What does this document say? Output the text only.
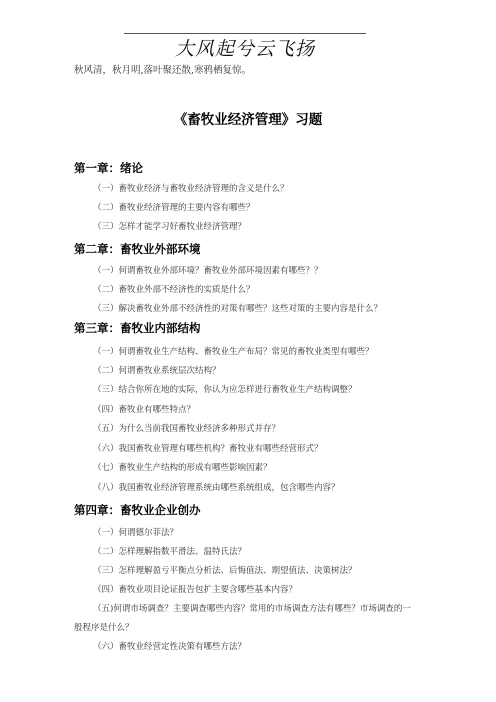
大风起兮云飞扬
秋风清，秋月明,落叶聚还散,寒鸦栖复惊。
《畜牧业经济管理》习题
第一章：绪论
（一）畜牧业经济与畜牧业经济管理的含义是什么？
（二）畜牧业经济管理的主要内容有哪些？
（三）怎样才能学习好畜牧业经济管理？
第二章：畜牧业外部环境
（一）何谓畜牧业外部环境？畜牧业外部环境因素有哪些？？
（二）畜牧业外部不经济性的实质是什么？
（三）解决畜牧业外部不经济性的对策有哪些？这些对策的主要内容是什么？
第三章：畜牧业内部结构
（一）何谓畜牧业生产结构、畜牧业生产布局？常见的畜牧业类型有哪些？
（二）何谓畜牧业系统层次结构？
（三）结合你所在地的实际，你认为应怎样进行畜牧业生产结构调整？
（四）畜牧业有哪些特点？
（五）为什么当前我国畜牧业经济多种形式并存？
（六）我国畜牧业管理有哪些机构？畜牧业有哪些经营形式？
（七）畜牧业生产结构的形成有哪些影响因素？
（八）我国畜牧业经济管理系统由哪些系统组成，包含哪些内容？
第四章：畜牧业企业创办
（一）何谓德尔菲法？
（二）怎样理解指数平滑法、温特氏法？
（三）怎样理解盈亏平衡点分析法、后悔值法、期望值法、决策树法？
（四）畜牧业项目论证报告包扩主要含哪些基本内容？
（五)何谓市场调查？主要调查哪些内容？常用的市场调查方法有哪些？市场调查的一
般程序是什么？
（六）畜牧业经营定性决策有哪些方法？
